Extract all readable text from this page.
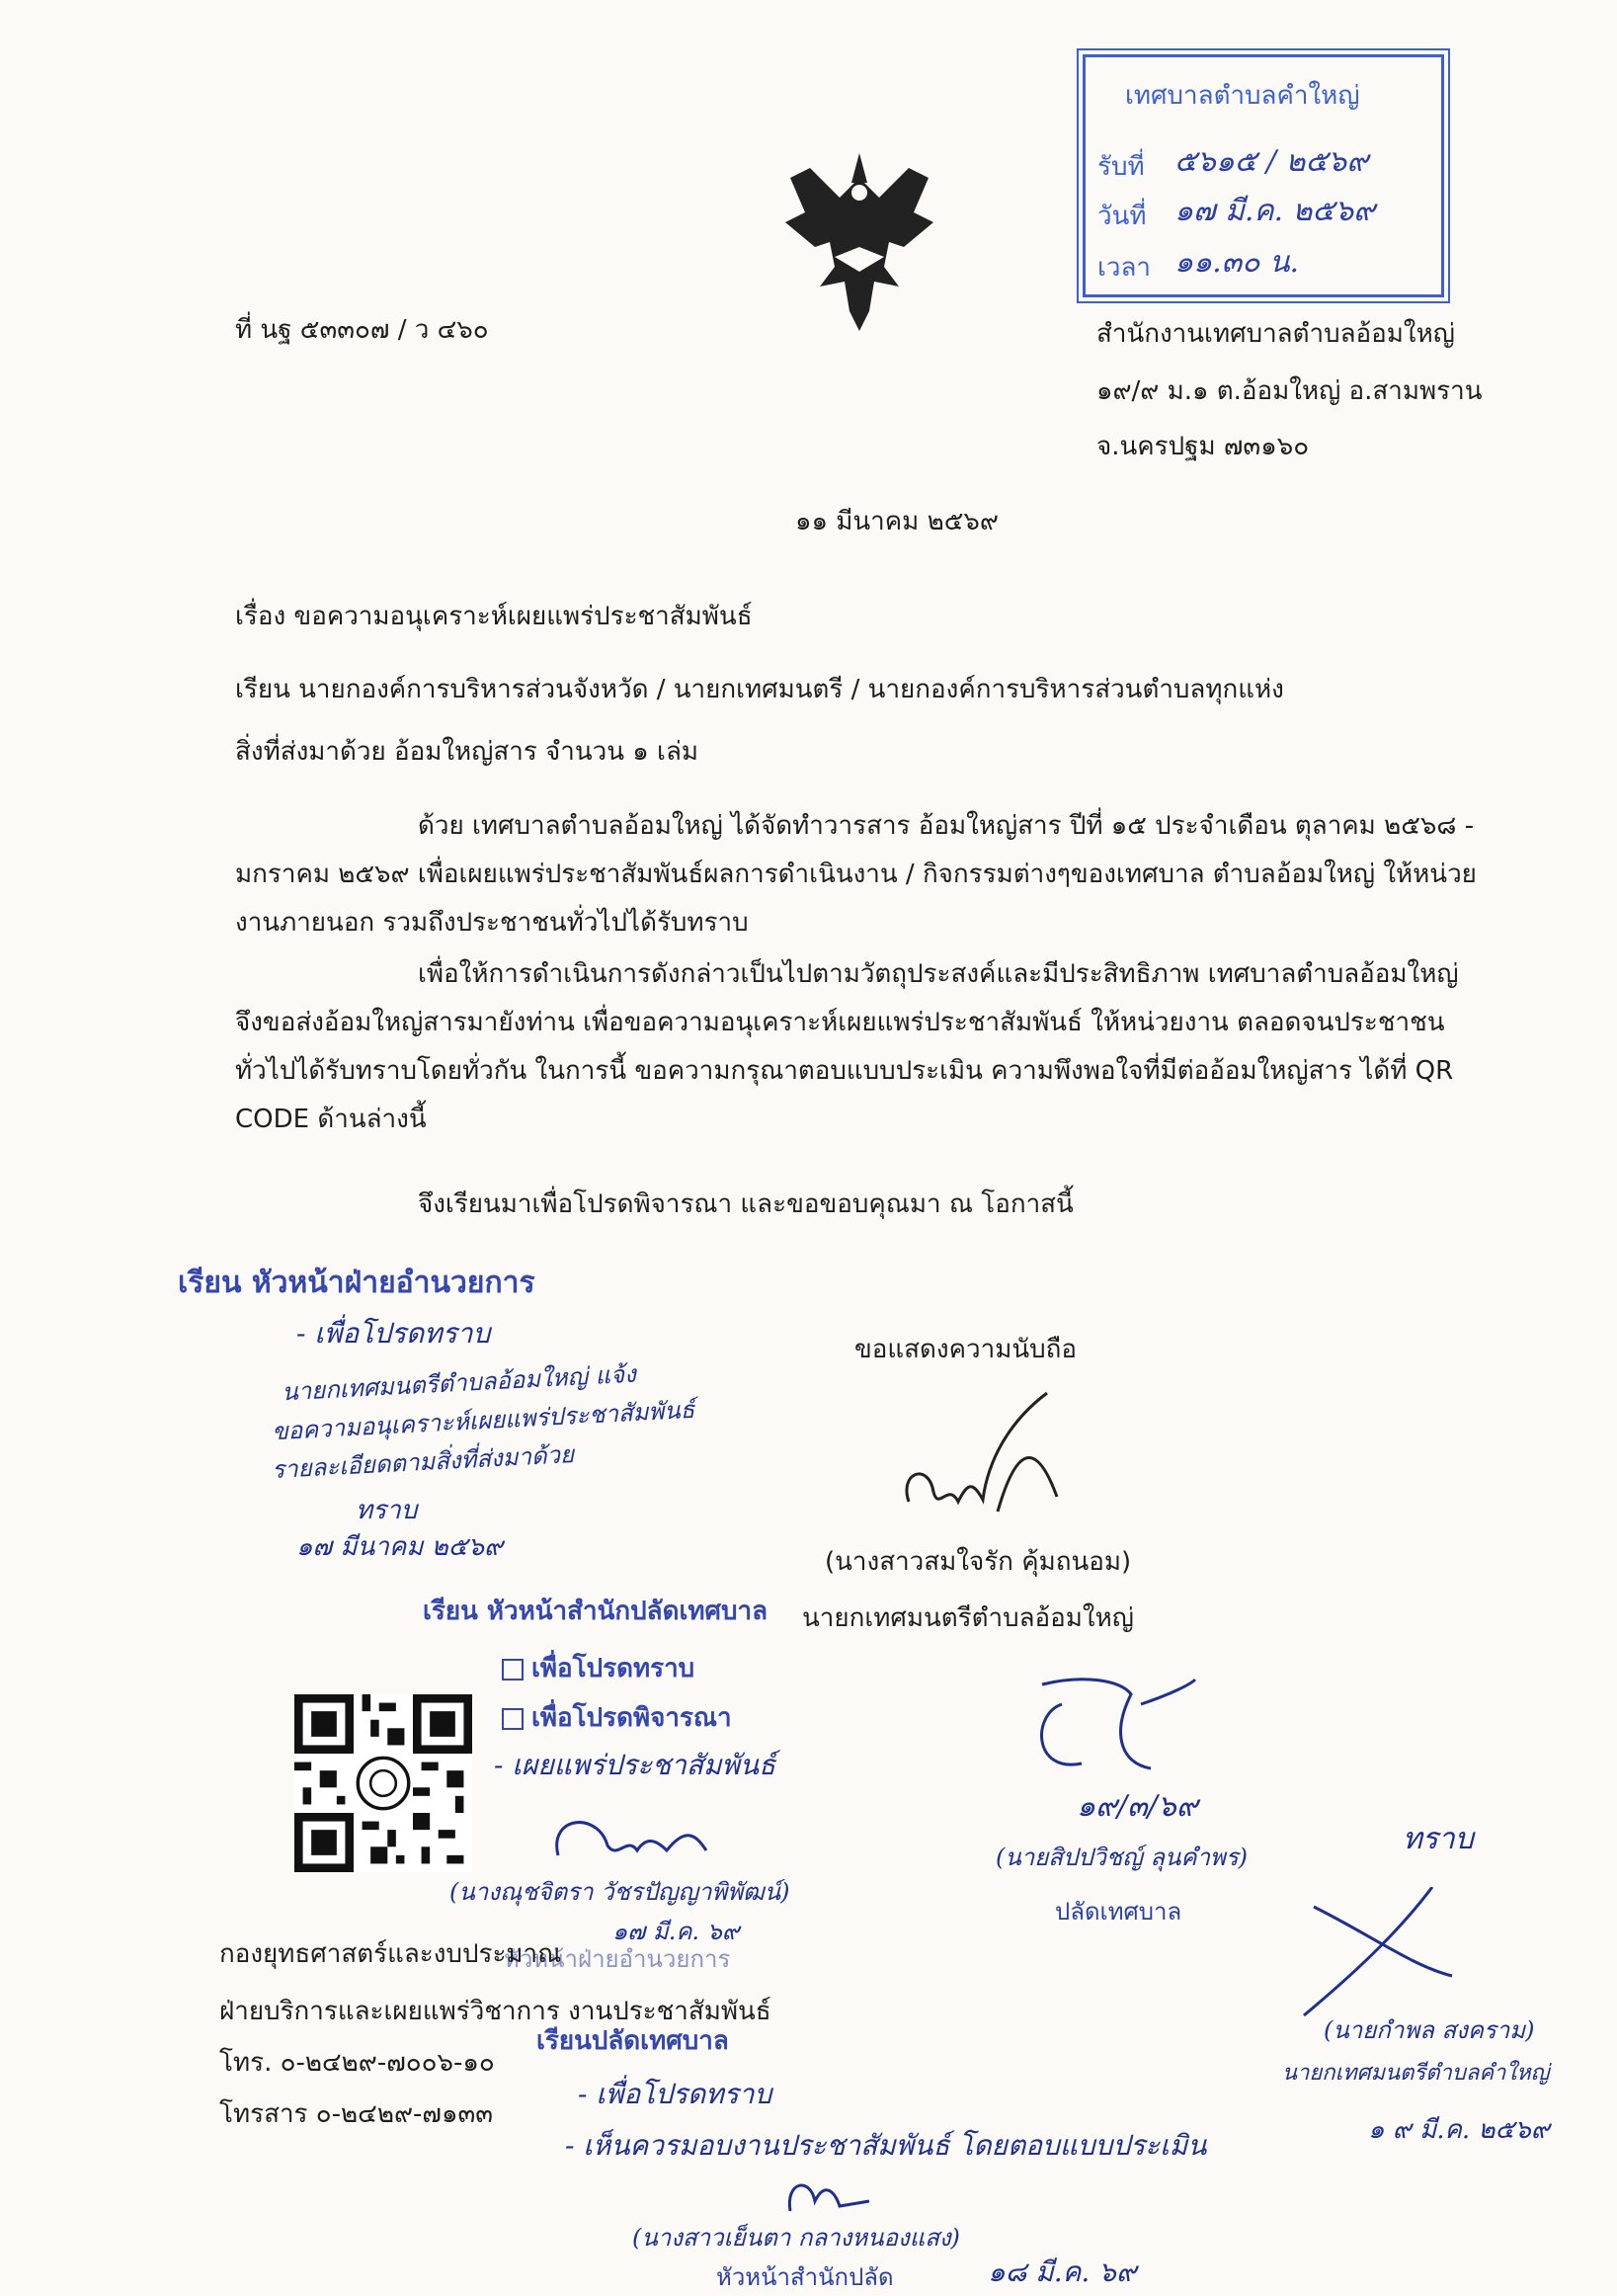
เทศบาลตำบลคำใหญ่
รับที่ ๕๖๑๕ / ๒๕๖๙
วันที่ ๑๗ มี.ค. ๒๕๖๙
เวลา ๑๑.๓๐ น.
ที่ นฐ ๕๓๓๐๗ / ว ๔๖๐	สำนักงานเทศบาลตำบลอ้อมใหญ่
๑๙/๙ ม.๑ ต.อ้อมใหญ่ อ.สามพราน
จ.นครปฐม ๗๓๑๖๐
๑๑ มีนาคม ๒๕๖๙
เรื่อง ขอความอนุเคราะห์เผยแพร่ประชาสัมพันธ์
เรียน นายกองค์การบริหารส่วนจังหวัด / นายกเทศมนตรี / นายกองค์การบริหารส่วนตำบลทุกแห่ง
สิ่งที่ส่งมาด้วย อ้อมใหญ่สาร จำนวน ๑ เล่ม
ด้วย เทศบาลตำบลอ้อมใหญ่ ได้จัดทำวารสาร อ้อมใหญ่สาร ปีที่ ๑๕ ประจำเดือน ตุลาคม ๒๕๖๘ - มกราคม ๒๕๖๙ เพื่อเผยแพร่ประชาสัมพันธ์ผลการดำเนินงาน / กิจกรรมต่างๆของเทศบาล ตำบลอ้อมใหญ่ ให้หน่วยงานภายนอก รวมถึงประชาชนทั่วไปได้รับทราบ
เพื่อให้การดำเนินการดังกล่าวเป็นไปตามวัตถุประสงค์และมีประสิทธิภาพ เทศบาลตำบลอ้อมใหญ่ จึงขอส่งอ้อมใหญ่สารมายังท่าน เพื่อขอความอนุเคราะห์เผยแพร่ประชาสัมพันธ์ ให้หน่วยงาน ตลอดจนประชาชนทั่วไปได้รับทราบโดยทั่วกัน ในการนี้ ขอความกรุณาตอบแบบประเมิน ความพึงพอใจที่มีต่ออ้อมใหญ่สาร ได้ที่ QR CODE ด้านล่างนี้
จึงเรียนมาเพื่อโปรดพิจารณา และขอขอบคุณมา ณ โอกาสนี้
ขอแสดงความนับถือ
(นางสาวสมใจรัก คุ้มถนอม)
นายกเทศมนตรีตำบลอ้อมใหญ่
เรียน หัวหน้าฝ่ายอำนวยการ
- เพื่อโปรดทราบ
นายกเทศมนตรีตำบลอ้อมใหญ่ แจ้ง
ขอความอนุเคราะห์เผยแพร่ประชาสัมพันธ์
รายละเอียดตามสิ่งที่ส่งมาด้วย
ทราบ
๑๗ มีนาคม ๒๕๖๙
เรียน หัวหน้าสำนักปลัดเทศบาล
เพื่อโปรดทราบ
เพื่อโปรดพิจารณา
- เผยแพร่ประชาสัมพันธ์
(นางณุชจิตรา วัชรปัญญาพิพัฒน์)
๑๗ มี.ค. ๖๙
หัวหน้าฝ่ายอำนวยการ
๑๙/๓/๖๙
(นายสิปปวิชญ์ ลุนคำพร)
ปลัดเทศบาล
ทราบ
(นายกำพล สงคราม)
นายกเทศมนตรีตำบลคำใหญ่
๑ ๙ มี.ค. ๒๕๖๙
กองยุทธศาสตร์และงบประมาณ
ฝ่ายบริการและเผยแพร่วิชาการ งานประชาสัมพันธ์
โทร. ๐-๒๔๒๙-๗๐๐๖-๑๐
โทรสาร ๐-๒๔๒๙-๗๑๓๓
เรียนปลัดเทศบาล
- เพื่อโปรดทราบ
- เห็นควรมอบงานประชาสัมพันธ์ โดยตอบแบบประเมิน
(นางสาวเย็นตา กลางหนองแสง)
หัวหน้าสำนักปลัด	๑๘ มี.ค. ๖๙
